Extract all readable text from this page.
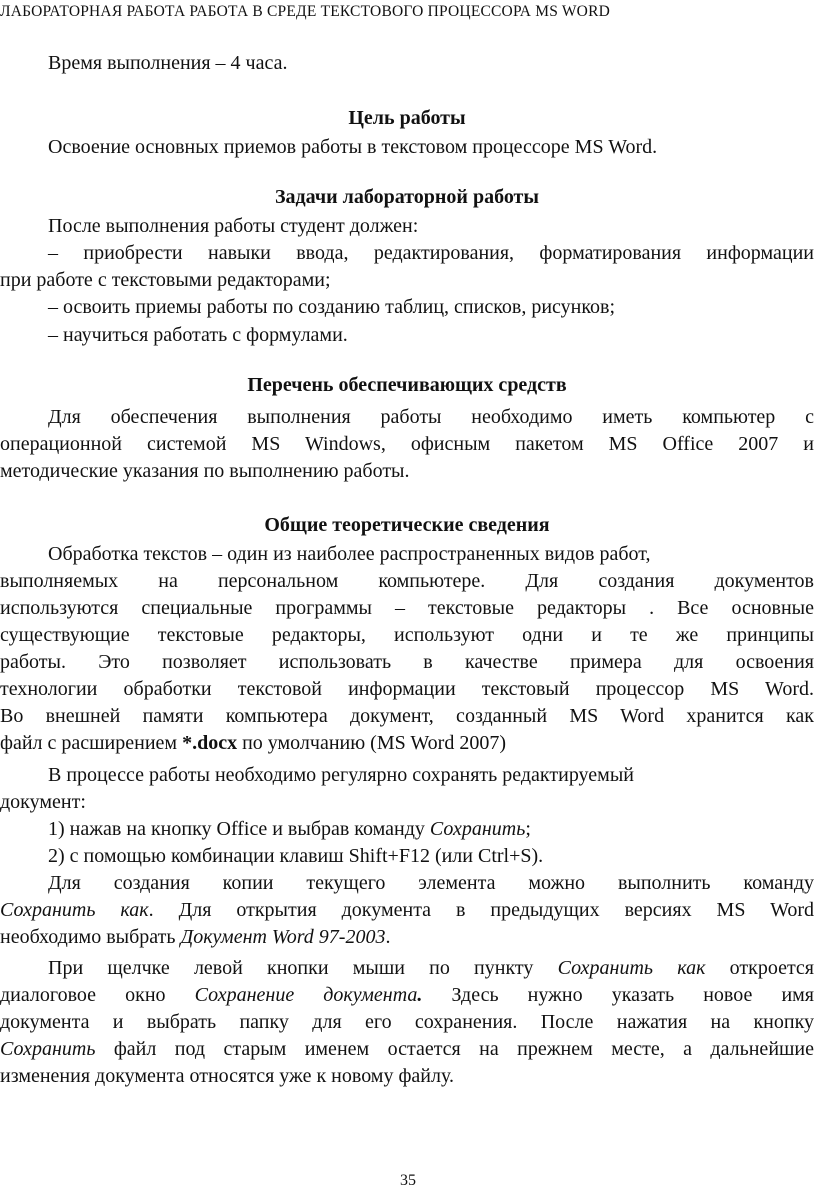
ЛАБОРАТОРНАЯ РАБОТА РАБОТА В СРЕДЕ ТЕКСТОВОГО ПРОЦЕССОРА MS WORD
Время выполнения – 4 часа.
Цель работы
Освоение основных приемов работы в текстовом процессоре MS Word.
Задачи лабораторной работы
После выполнения работы студент должен:
– приобрести навыки ввода, редактирования, форматирования информации
при работе с текстовыми редакторами;
– освоить приемы работы по созданию таблиц, списков, рисунков;
– научиться работать с формулами.
Перечень обеспечивающих средств
Для обеспечения выполнения работы необходимо иметь компьютер с
операционной системой MS Windows, офисным пакетом MS Office 2007 и
методические указания по выполнению работы.
Общие теоретические сведения
Обработка текстов – один из наиболее распространенных видов работ,
выполняемых на персональном компьютере. Для создания документов
используются специальные программы – текстовые редакторы . Все основные
существующие текстовые редакторы, используют одни и те же принципы
работы. Это позволяет использовать в качестве примера для освоения
технологии обработки текстовой информации текстовый процессор MS Word.
Во внешней памяти компьютера документ, созданный MS Word хранится как
файл с расширением *.docx по умолчанию (MS Word 2007)
В процессе работы необходимо регулярно сохранять редактируемый
документ:
1) нажав на кнопку Office и выбрав команду Сохранить;
2) с помощью комбинации клавиш Shift+F12 (или Ctrl+S).
Для создания копии текущего элемента можно выполнить команду
Сохранить как. Для открытия документа в предыдущих версиях MS Word
необходимо выбрать Документ Word 97-2003.
При щелчке левой кнопки мыши по пункту Сохранить как откроется
диалоговое окно Сохранение документа. Здесь нужно указать новое имя
документа и выбрать папку для его сохранения. После нажатия на кнопку
Сохранить файл под старым именем остается на прежнем месте, а дальнейшие
изменения документа относятся уже к новому файлу.
35
